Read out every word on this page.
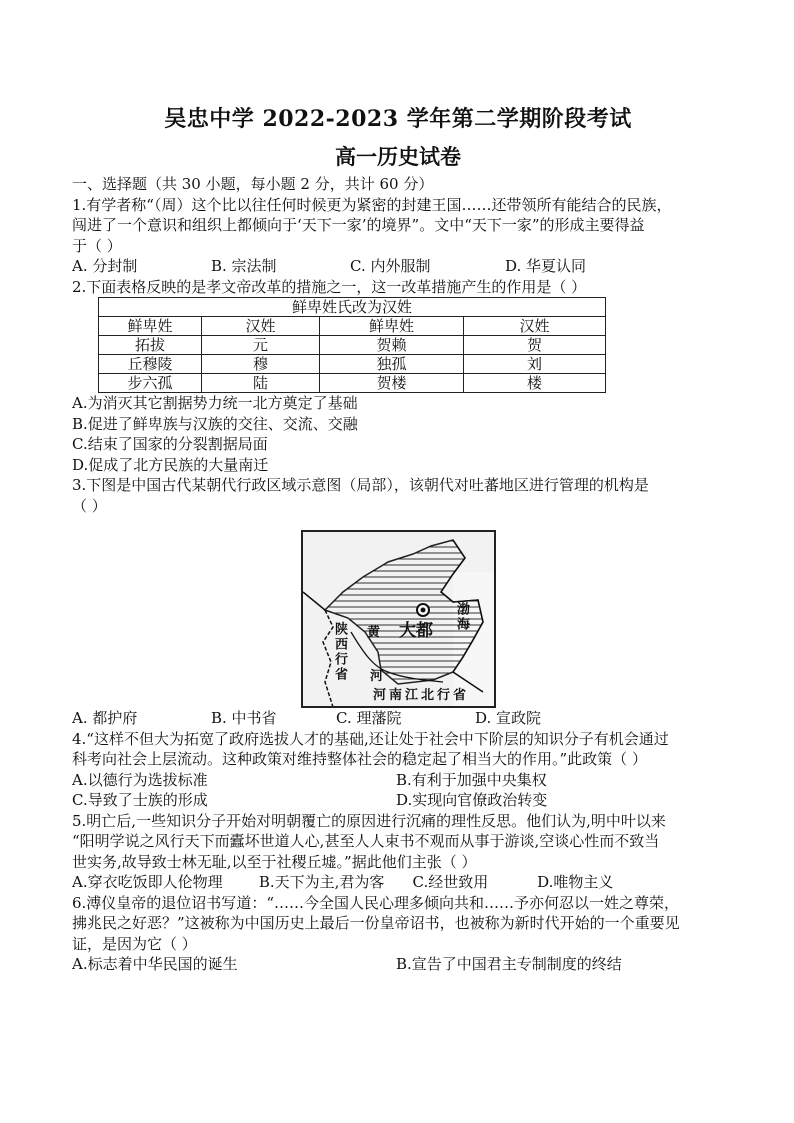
吴忠中学 2022-2023 学年第二学期阶段考试
高一历史试卷
一、选择题（共 30 小题，每小题 2 分，共计 60 分）
1.有学者称“（周）这个比以往任何时候更为紧密的封建王国……还带领所有能结合的民族，
闯进了一个意识和组织上都倾向于‘天下一家’的境界”。文中“天下一家”的形成主要得益
于（ ）
A. 分封制	B. 宗法制	C. 内外服制	D. 华夏认同
2.下面表格反映的是孝文帝改革的措施之一，这一改革措施产生的作用是（ ）
鲜卑姓氏改为汉姓			
鲜卑姓	汉姓	鲜卑姓	汉姓
拓拔	元	贺赖	贺
丘穆陵	穆	独孤	刘
步六孤	陆	贺楼	楼
A.为消灭其它割据势力统一北方奠定了基础
B.促进了鲜卑族与汉族的交往、交流、交融
C.结束了国家的分裂割据局面
D.促成了北方民族的大量南迁
3.下图是中国古代某朝代行政区域示意图（局部），该朝代对吐蕃地区进行管理的机构是
（ ）
大都 渤海
黄
河
陕西行省
河南江北行省
A. 都护府	B. 中书省	C. 理藩院	D. 宣政院
4.“这样不但大为拓宽了政府选拔人才的基础,还让处于社会中下阶层的知识分子有机会通过
科考向社会上层流动。这种政策对维持整体社会的稳定起了相当大的作用。”此政策（ ）
A.以德行为选拔标准	B.有利于加强中央集权
C.导致了士族的形成	D.实现向官僚政治转变
5.明亡后,一些知识分子开始对明朝覆亡的原因进行沉痛的理性反思。他们认为,明中叶以来
“阳明学说之风行天下而蠹坏世道人心,甚至人人束书不观而从事于游谈,空谈心性而不致当
世实务,故导致士林无耻,以至于社稷丘墟。”据此他们主张（ ）
A.穿衣吃饭即人伦物理	B.天下为主,君为客	C.经世致用	D.唯物主义
6.溥仪皇帝的退位诏书写道：“……今全国人民心理多倾向共和……予亦何忍以一姓之尊荣，
拂兆民之好恶？”这被称为中国历史上最后一份皇帝诏书，也被称为新时代开始的一个重要见
证，是因为它（ ）
A.标志着中华民国的诞生	B.宣告了中国君主专制制度的终结
